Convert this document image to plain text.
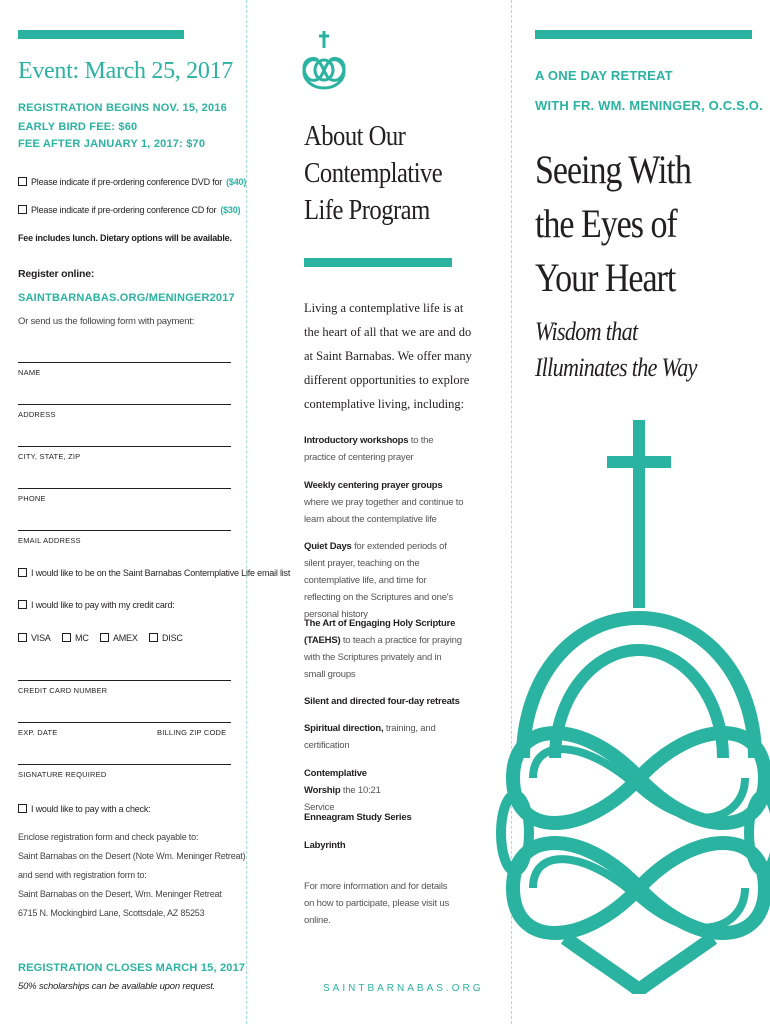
Event: March 25, 2017
REGISTRATION BEGINS NOV. 15, 2016
EARLY BIRD FEE: $60
FEE AFTER JANUARY 1, 2017: $70
Please indicate if pre-ordering conference DVD for ($40)
Please indicate if pre-ordering conference CD for ($30)
Fee includes lunch. Dietary options will be available.
Register online:
SAINTBARNABAS.ORG/MENINGER2017
Or send us the following form with payment:
NAME
ADDRESS
CITY, STATE, ZIP
PHONE
EMAIL ADDRESS
I would like to be on the Saint Barnabas Contemplative Life email list
I would like to pay with my credit card:
VISA	MC	AMEX	DISC
CREDIT CARD NUMBER
EXP. DATE	BILLING ZIP CODE
SIGNATURE REQUIRED
I would like to pay with a check:
Enclose registration form and check payable to:
Saint Barnabas on the Desert (Note Wm. Meninger Retreat)
and send with registration form to:
Saint Barnabas on the Desert, Wm. Meninger Retreat
6715 N. Mockingbird Lane, Scottsdale, AZ 85253
REGISTRATION CLOSES MARCH 15, 2017
50% scholarships can be available upon request.
About Our Contemplative Life Program
Living a contemplative life is at the heart of all that we are and do at Saint Barnabas. We offer many different opportunities to explore contemplative living, including:
Introductory workshops to the practice of centering prayer
Weekly centering prayer groups where we pray together and continue to learn about the contemplative life
Quiet Days for extended periods of silent prayer, teaching on the contemplative life, and time for reflecting on the Scriptures and one's personal history
The Art of Engaging Holy Scripture (TAEHS) to teach a practice for praying with the Scriptures privately and in small groups
Silent and directed four-day retreats
Spiritual direction, training, and certification
Contemplative Worship the 10:21 Service
Enneagram Study Series
Labyrinth
For more information and for details on how to participate, please visit us online.
SAINTBARNABAS.ORG
A ONE DAY RETREAT
WITH FR. WM. MENINGER, O.C.S.O.
Seeing With the Eyes of Your Heart
Wisdom that Illuminates the Way
